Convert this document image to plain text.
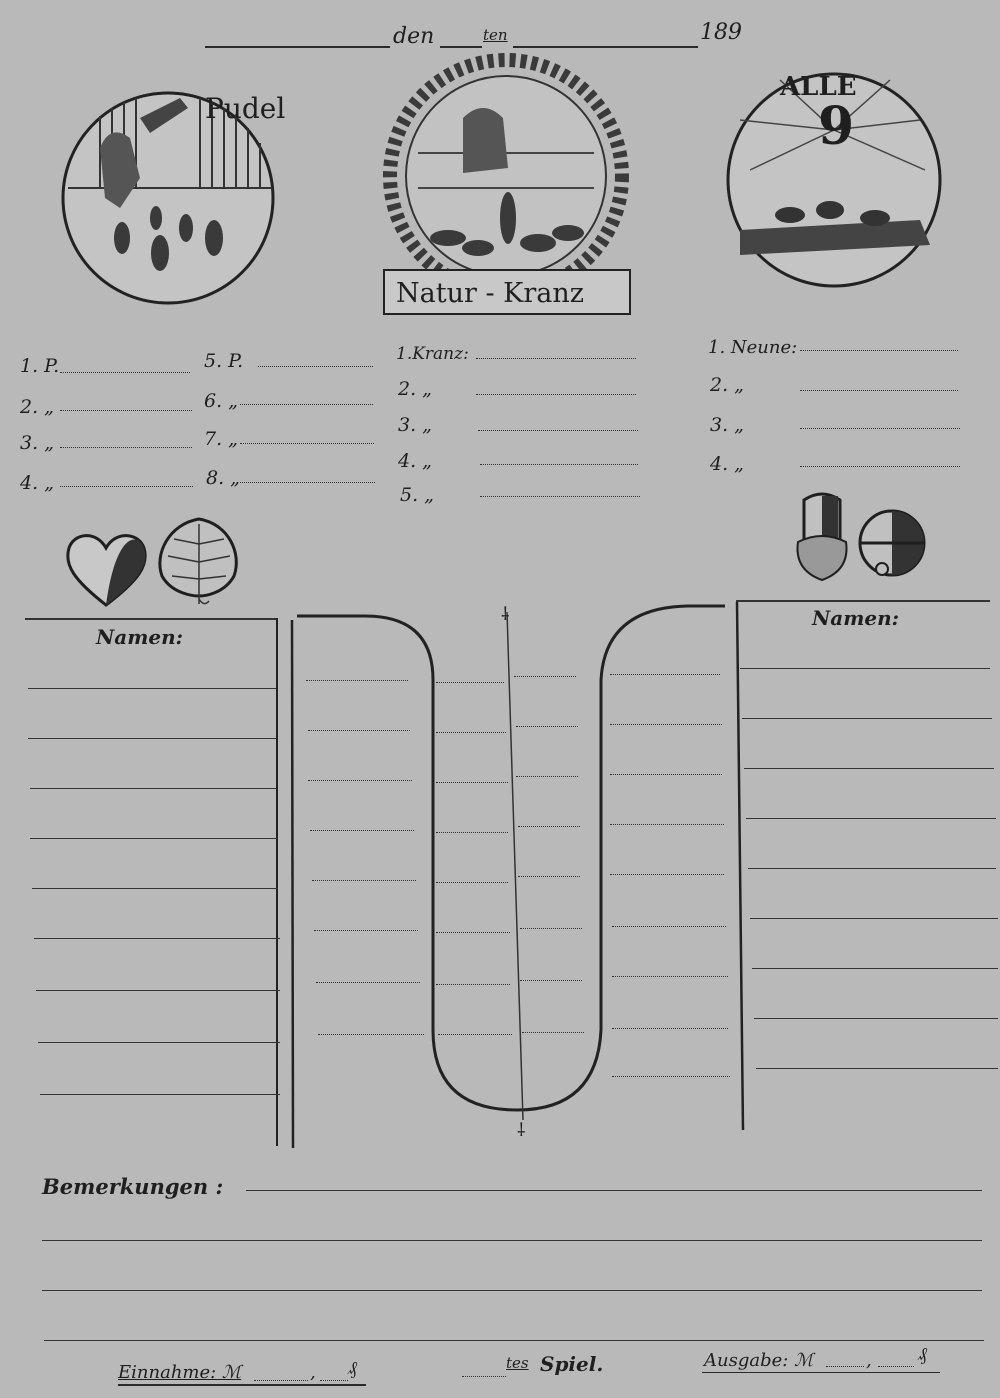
den	ten	189
Pudel
Natur - Kranz
ALLE
9
1. P.
2. „
3. „
4. „
5. P.
6. „
7. „
8. „
1.Kranz:
2. „
3. „
4. „
5. „
1. Neune:
2. „
3. „
4. „
Namen:
⸸
⸸
Namen:
Bemerkungen :
Einnahme: ℳ	, ₰	tes Spiel.	Ausgabe: ℳ	,	₰
